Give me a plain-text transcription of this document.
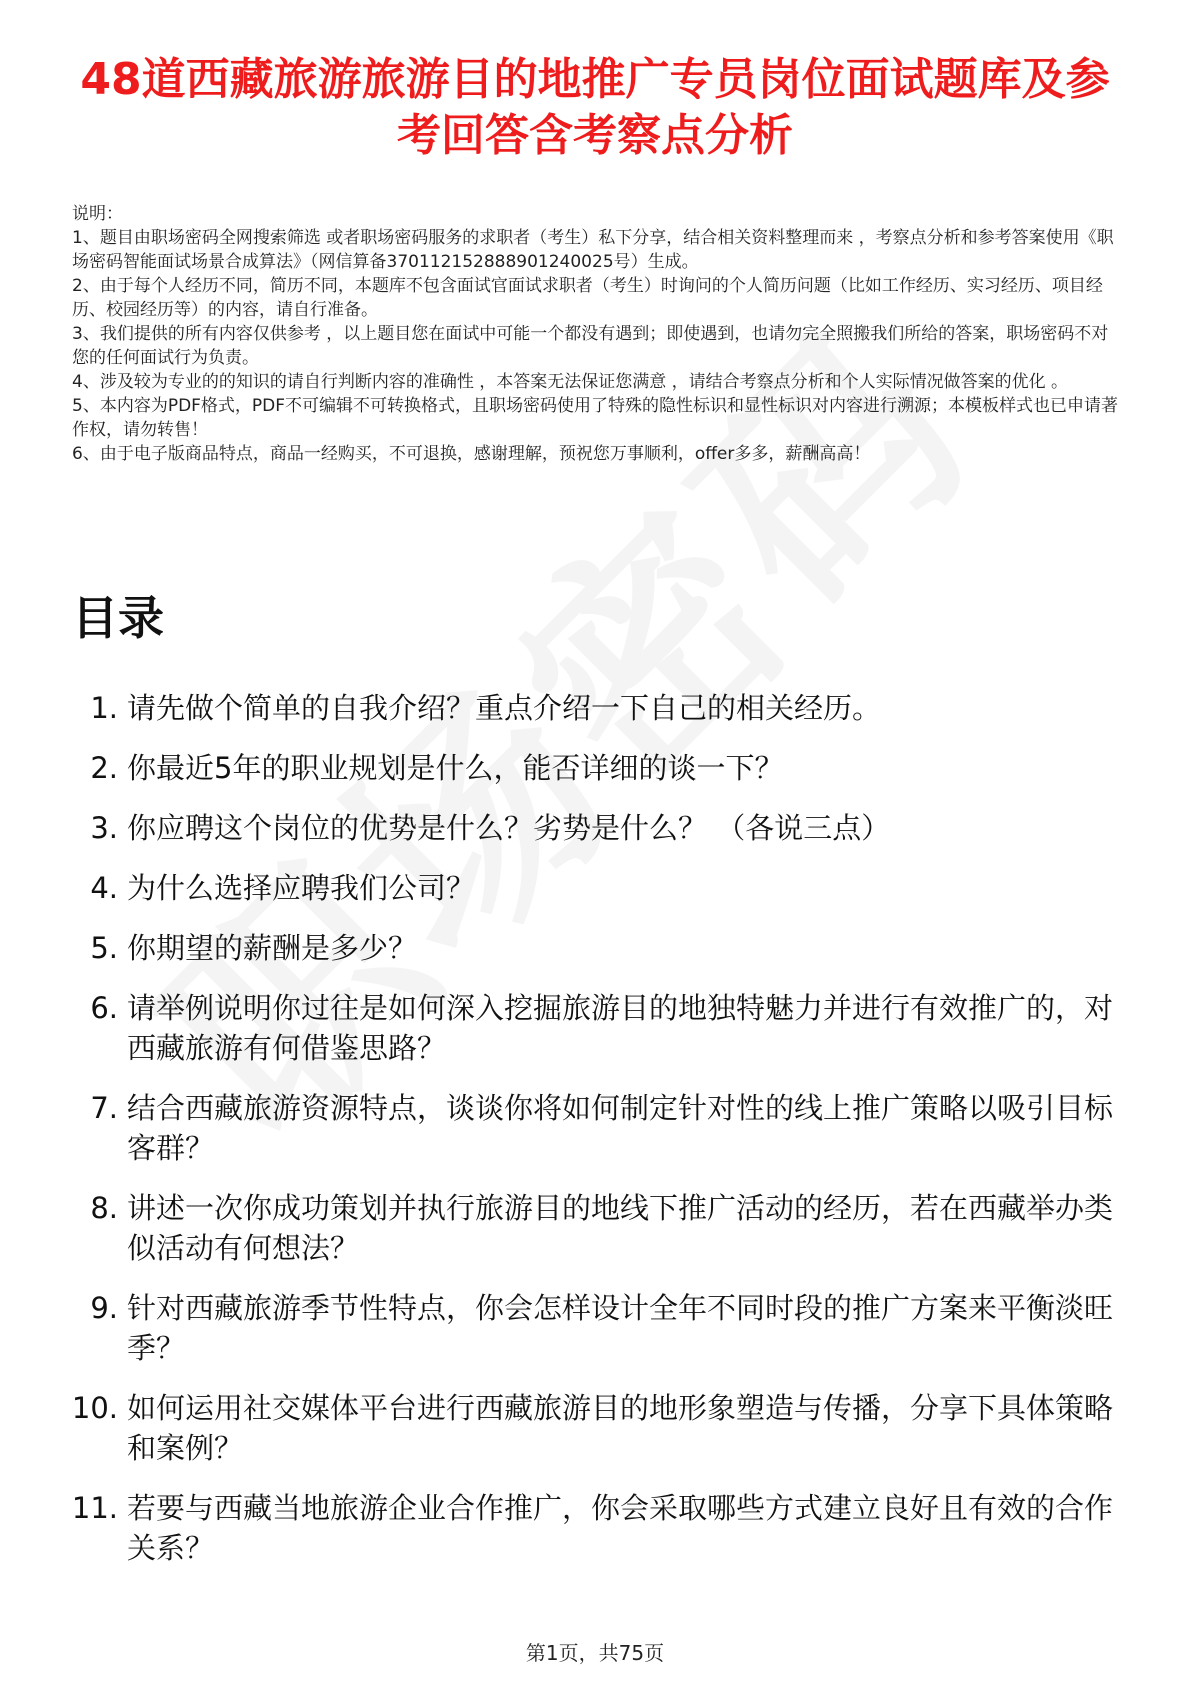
48道西藏旅游旅游目的地推广专员岗位面试题库及参考回答含考察点分析

说明：

1、题目由职场密码全网搜索筛选 或者职场密码服务的求职者（考生）私下分享，结合相关资料整理而来 ，考察点分析和参考答案使用《职场密码智能面试场景合成算法》（网信算备370112152888901240025号）生成。

2、由于每个人经历不同，简历不同，本题库不包含面试官面试求职者（考生）时询问的个人简历问题（比如工作经历、实习经历、项目经历、校园经历等）的内容，请自行准备。

3、我们提供的所有内容仅供参考 ，以上题目您在面试中可能一个都没有遇到；即使遇到，也请勿完全照搬我们所给的答案，职场密码不对您的任何面试行为负责。

4、涉及较为专业的的知识的请自行判断内容的准确性 ，本答案无法保证您满意 ，请结合考察点分析和个人实际情况做答案的优化 。

5、本内容为PDF格式，PDF不可编辑不可转换格式，且职场密码使用了特殊的隐性标识和显性标识对内容进行溯源；本模板样式也已申请著作权，请勿转售！

6、由于电子版商品特点，商品一经购买，不可退换，感谢理解，预祝您万事顺利，offer多多，薪酬高高！

目录
1. 请先做个简单的自我介绍？重点介绍一下自己的相关经历。
2. 你最近5年的职业规划是什么，能否详细的谈一下？
3. 你应聘这个岗位的优势是什么？劣势是什么？ （各说三点）
4. 为什么选择应聘我们公司？
5. 你期望的薪酬是多少？
6. 请举例说明你过往是如何深入挖掘旅游目的地独特魅力并进行有效推广的，对西藏旅游有何借鉴思路？
7. 结合西藏旅游资源特点，谈谈你将如何制定针对性的线上推广策略以吸引目标客群？
8. 讲述一次你成功策划并执行旅游目的地线下推广活动的经历，若在西藏举办类似活动有何想法？
9. 针对西藏旅游季节性特点，你会怎样设计全年不同时段的推广方案来平衡淡旺季？
10. 如何运用社交媒体平台进行西藏旅游目的地形象塑造与传播，分享下具体策略和案例？
11. 若要与西藏当地旅游企业合作推广，你会采取哪些方式建立良好且有效的合作关系？
第1页，共75页
